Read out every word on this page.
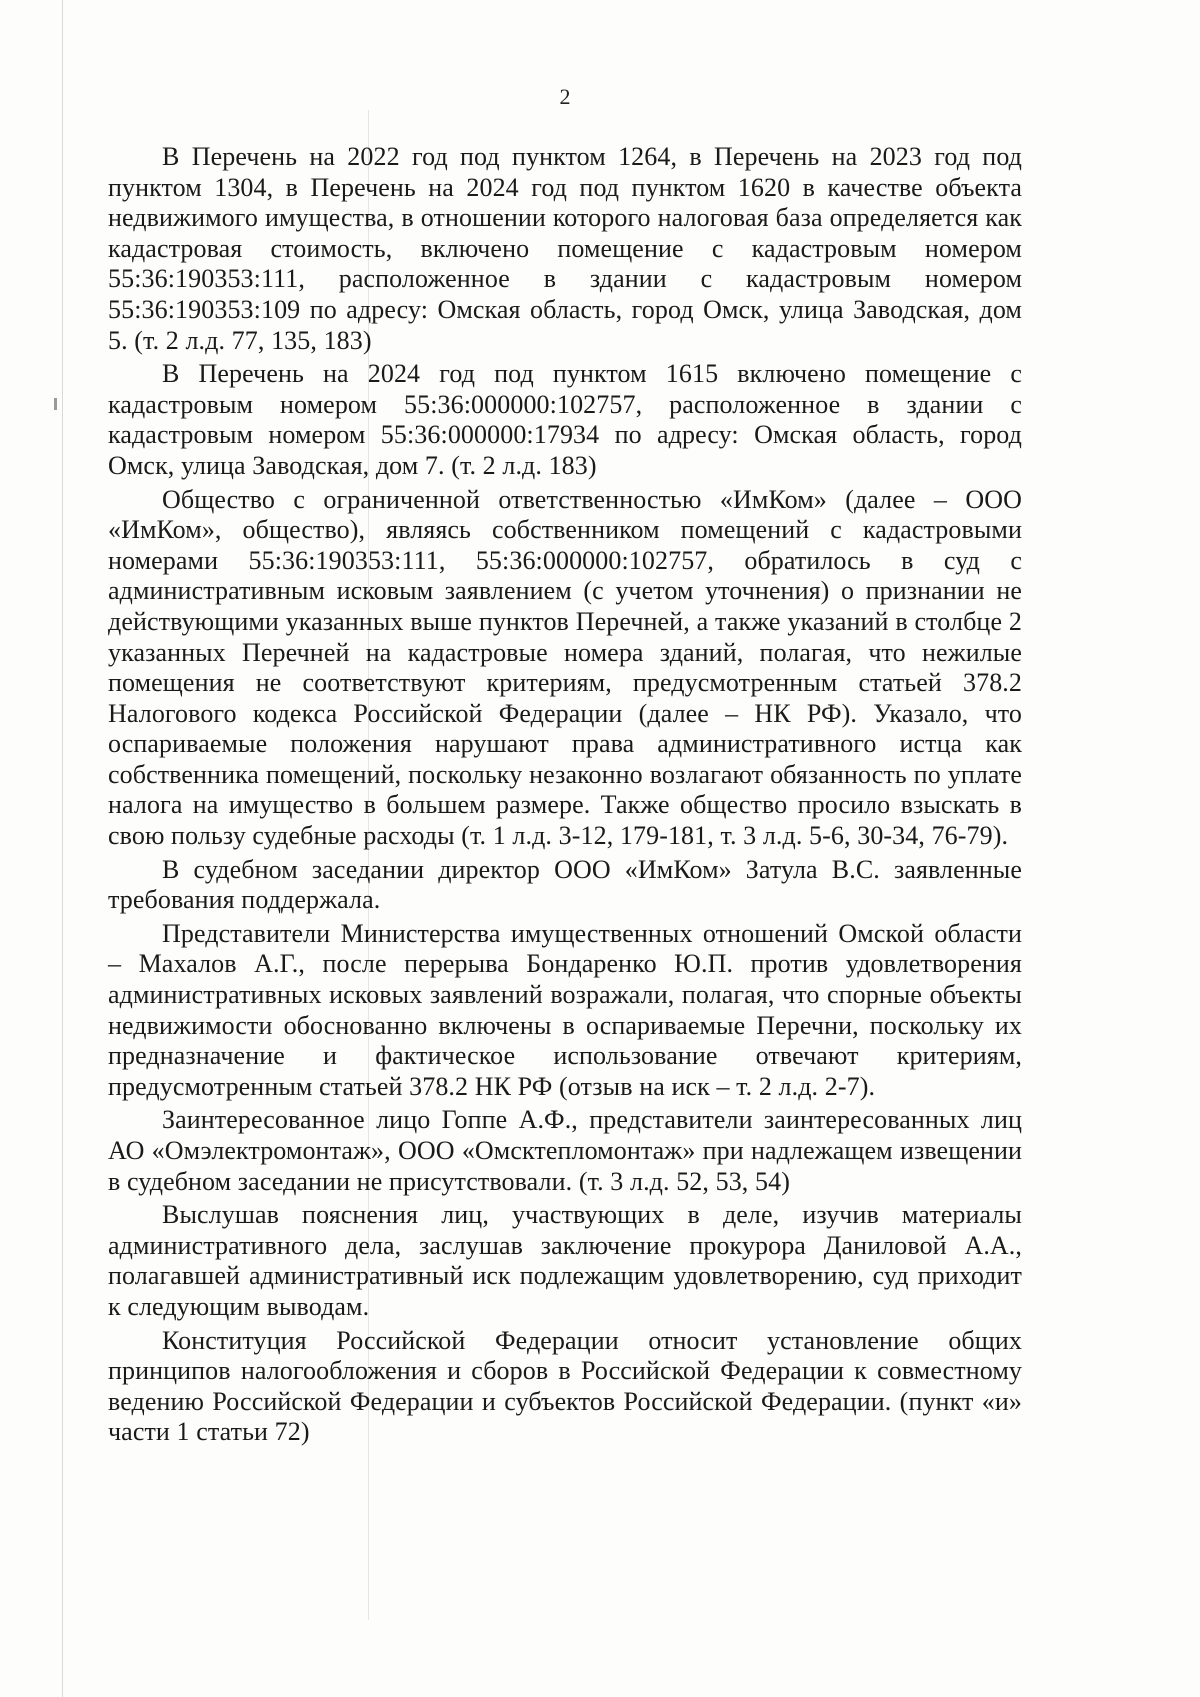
2

В Перечень на 2022 год под пунктом 1264, в Перечень на 2023 год под пунктом 1304, в Перечень на 2024 год под пунктом 1620 в качестве объекта недвижимого имущества, в отношении которого налоговая база определяется как кадастровая стоимость, включено помещение с кадастровым номером 55:36:190353:111, расположенное в здании с кадастровым номером 55:36:190353:109 по адресу: Омская область, город Омск, улица Заводская, дом 5. (т. 2 л.д. 77, 135, 183)

В Перечень на 2024 год под пунктом 1615 включено помещение с кадастровым номером 55:36:000000:102757, расположенное в здании с кадастровым номером 55:36:000000:17934 по адресу: Омская область, город Омск, улица Заводская, дом 7. (т. 2 л.д. 183)

Общество с ограниченной ответственностью «ИмКом» (далее – ООО «ИмКом», общество), являясь собственником помещений с кадастровыми номерами 55:36:190353:111, 55:36:000000:102757, обратилось в суд с административным исковым заявлением (с учетом уточнения) о признании не действующими указанных выше пунктов Перечней, а также указаний в столбце 2 указанных Перечней на кадастровые номера зданий, полагая, что нежилые помещения не соответствуют критериям, предусмотренным статьей 378.2 Налогового кодекса Российской Федерации (далее – НК РФ). Указало, что оспариваемые положения нарушают права административного истца как собственника помещений, поскольку незаконно возлагают обязанность по уплате налога на имущество в большем размере. Также общество просило взыскать в свою пользу судебные расходы (т. 1 л.д. 3-12, 179-181, т. 3 л.д. 5-6, 30-34, 76-79).

В судебном заседании директор ООО «ИмКом» Затула В.С. заявленные требования поддержала.

Представители Министерства имущественных отношений Омской области – Махалов А.Г., после перерыва Бондаренко Ю.П. против удовлетворения административных исковых заявлений возражали, полагая, что спорные объекты недвижимости обоснованно включены в оспариваемые Перечни, поскольку их предназначение и фактическое использование отвечают критериям, предусмотренным статьей 378.2 НК РФ (отзыв на иск – т. 2 л.д. 2-7).

Заинтересованное лицо Гоппе А.Ф., представители заинтересованных лиц АО «Омэлектромонтаж», ООО «Омсктепломонтаж» при надлежащем извещении в судебном заседании не присутствовали. (т. 3 л.д. 52, 53, 54)

Выслушав пояснения лиц, участвующих в деле, изучив материалы административного дела, заслушав заключение прокурора Даниловой А.А., полагавшей административный иск подлежащим удовлетворению, суд приходит к следующим выводам.

Конституция Российской Федерации относит установление общих принципов налогообложения и сборов в Российской Федерации к совместному ведению Российской Федерации и субъектов Российской Федерации. (пункт «и» части 1 статьи 72)
